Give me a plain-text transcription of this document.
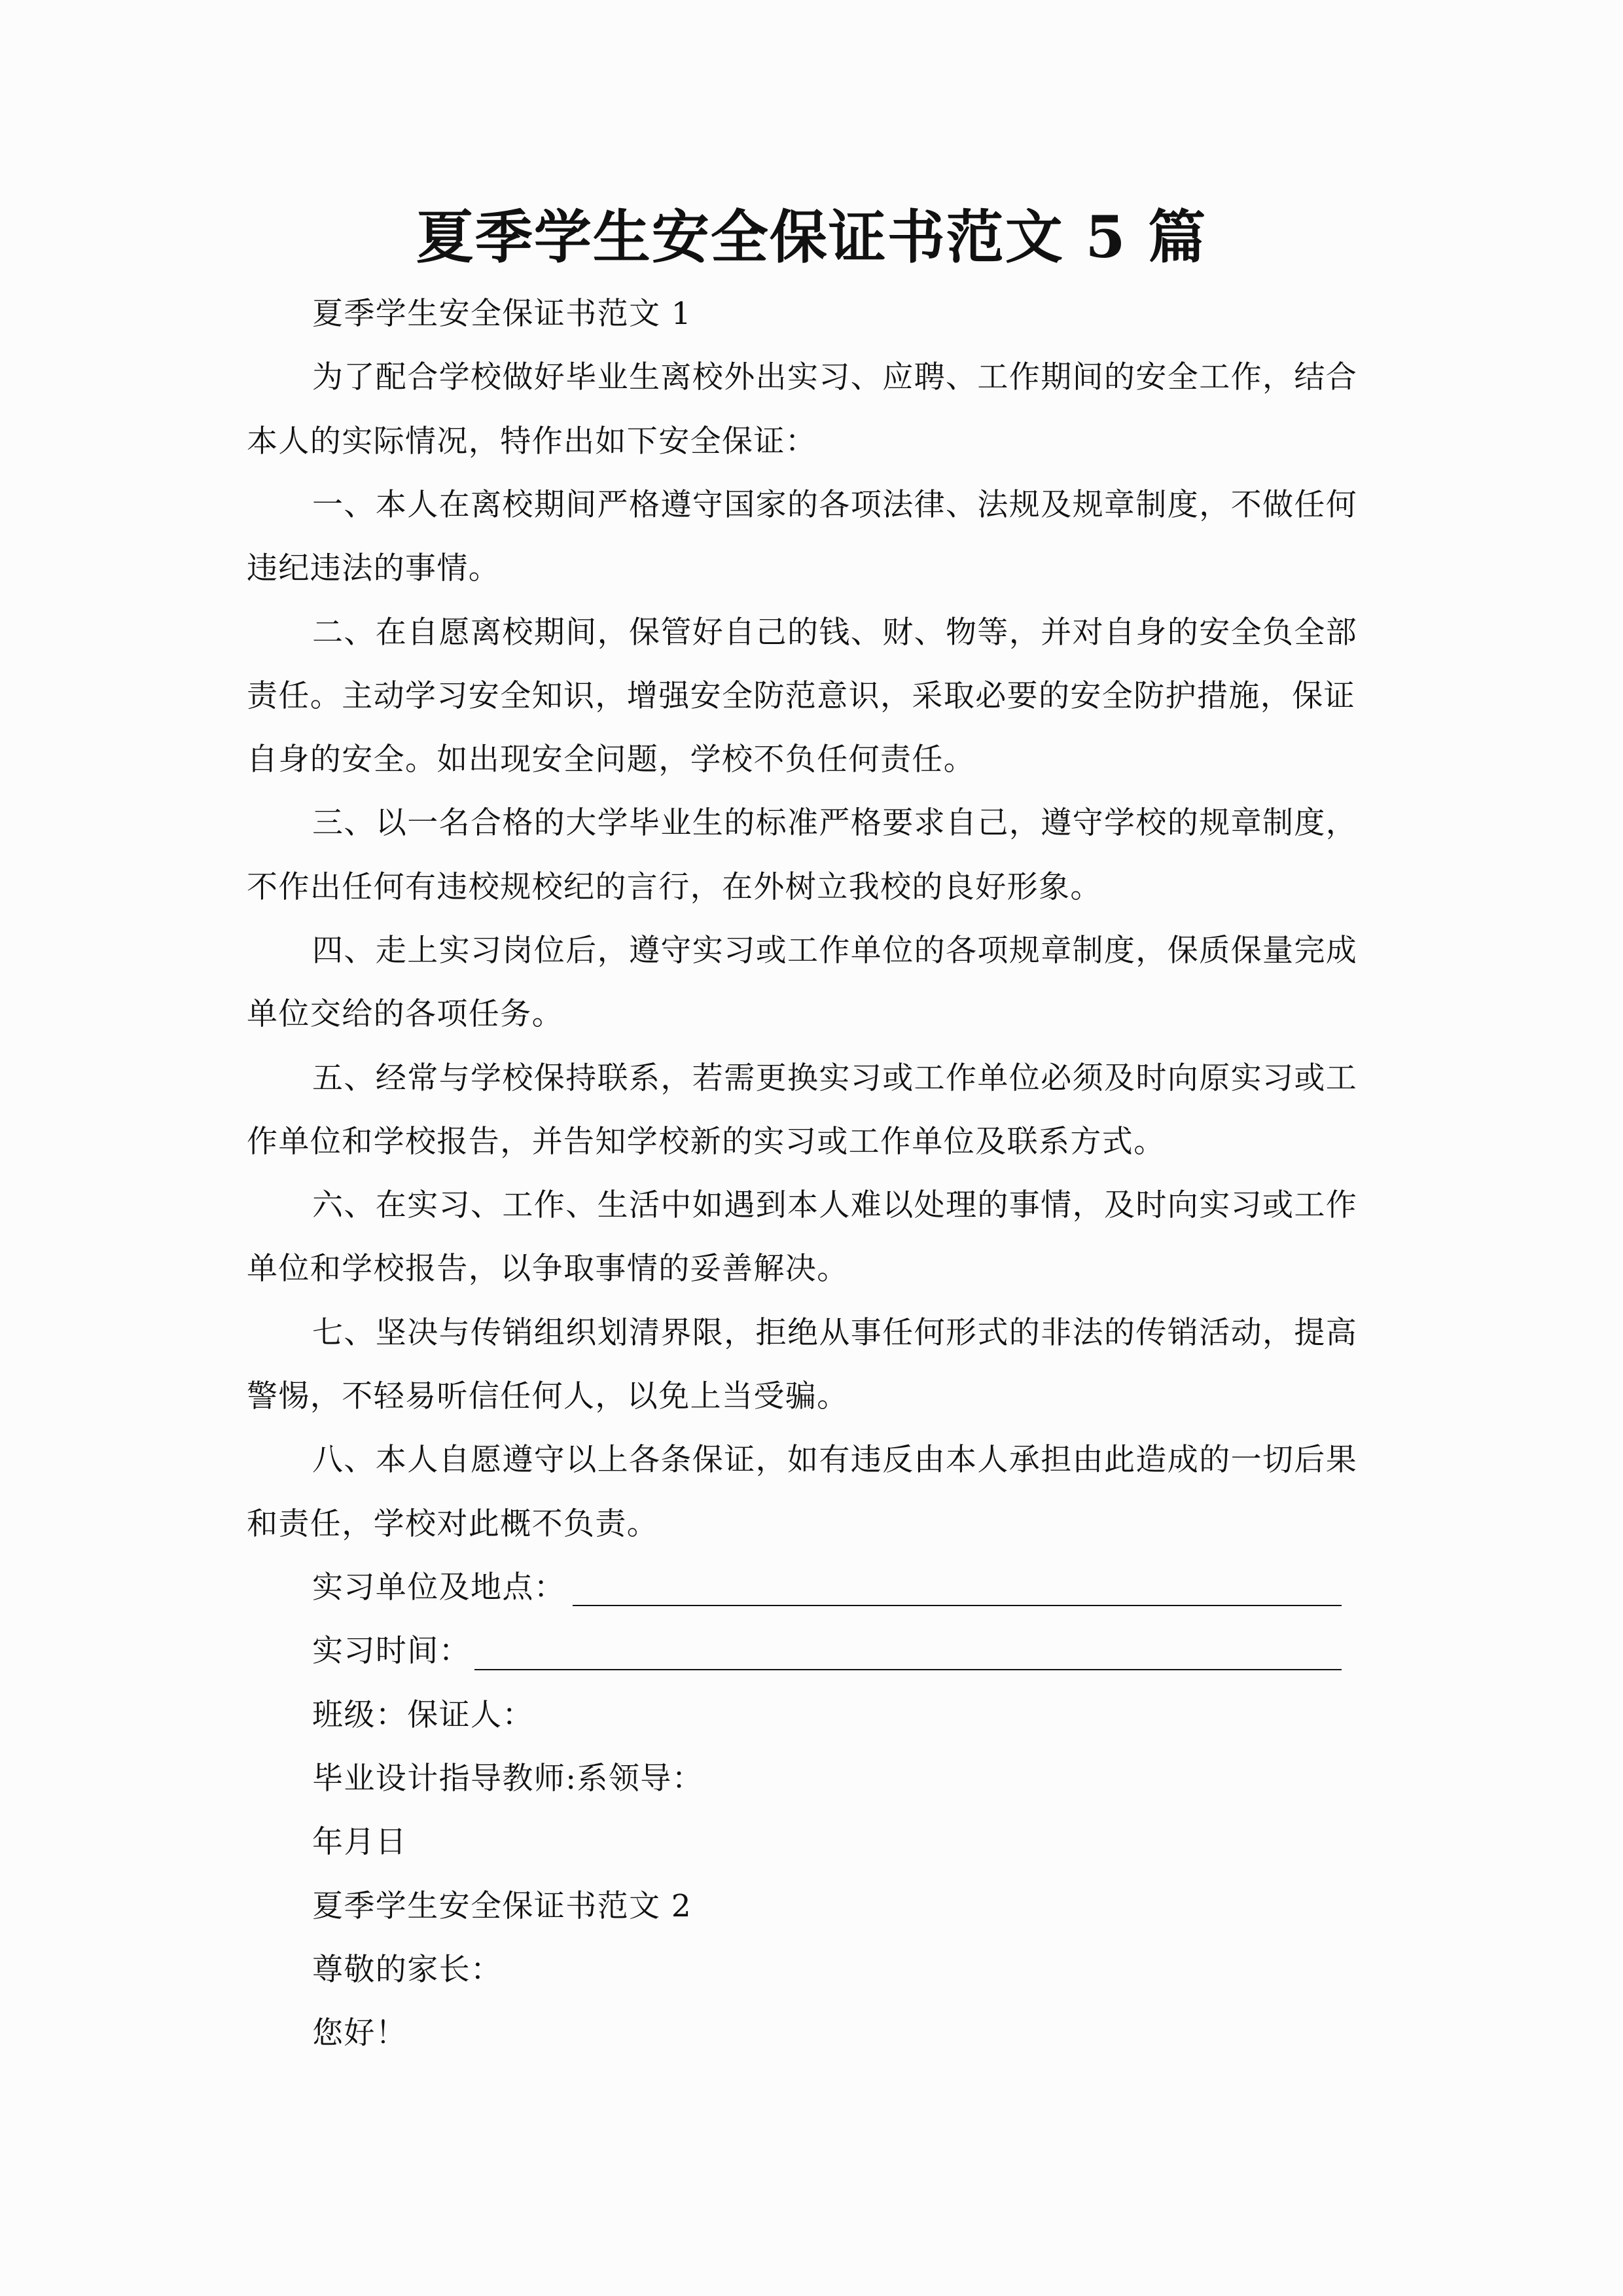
夏季学生安全保证书范文 5 篇
夏季学生安全保证书范文 1
为了配合学校做好毕业生离校外出实习、应聘、工作期间的安全工作，结合
本人的实际情况，特作出如下安全保证：
一、本人在离校期间严格遵守国家的各项法律、法规及规章制度，不做任何
违纪违法的事情。
二、在自愿离校期间，保管好自己的钱、财、物等，并对自身的安全负全部
责任。主动学习安全知识，增强安全防范意识，采取必要的安全防护措施，保证
自身的安全。如出现安全问题，学校不负任何责任。
三、以一名合格的大学毕业生的标准严格要求自己，遵守学校的规章制度，
不作出任何有违校规校纪的言行，在外树立我校的良好形象。
四、走上实习岗位后，遵守实习或工作单位的各项规章制度，保质保量完成
单位交给的各项任务。
五、经常与学校保持联系，若需更换实习或工作单位必须及时向原实习或工
作单位和学校报告，并告知学校新的实习或工作单位及联系方式。
六、在实习、工作、生活中如遇到本人难以处理的事情，及时向实习或工作
单位和学校报告，以争取事情的妥善解决。
七、坚决与传销组织划清界限，拒绝从事任何形式的非法的传销活动，提高
警惕，不轻易听信任何人，以免上当受骗。
八、本人自愿遵守以上各条保证，如有违反由本人承担由此造成的一切后果
和责任，学校对此概不负责。
实习单位及地点：
实习时间：
班级：保证人：
毕业设计指导教师:系领导：
年月日
夏季学生安全保证书范文 2
尊敬的家长：
您好！
